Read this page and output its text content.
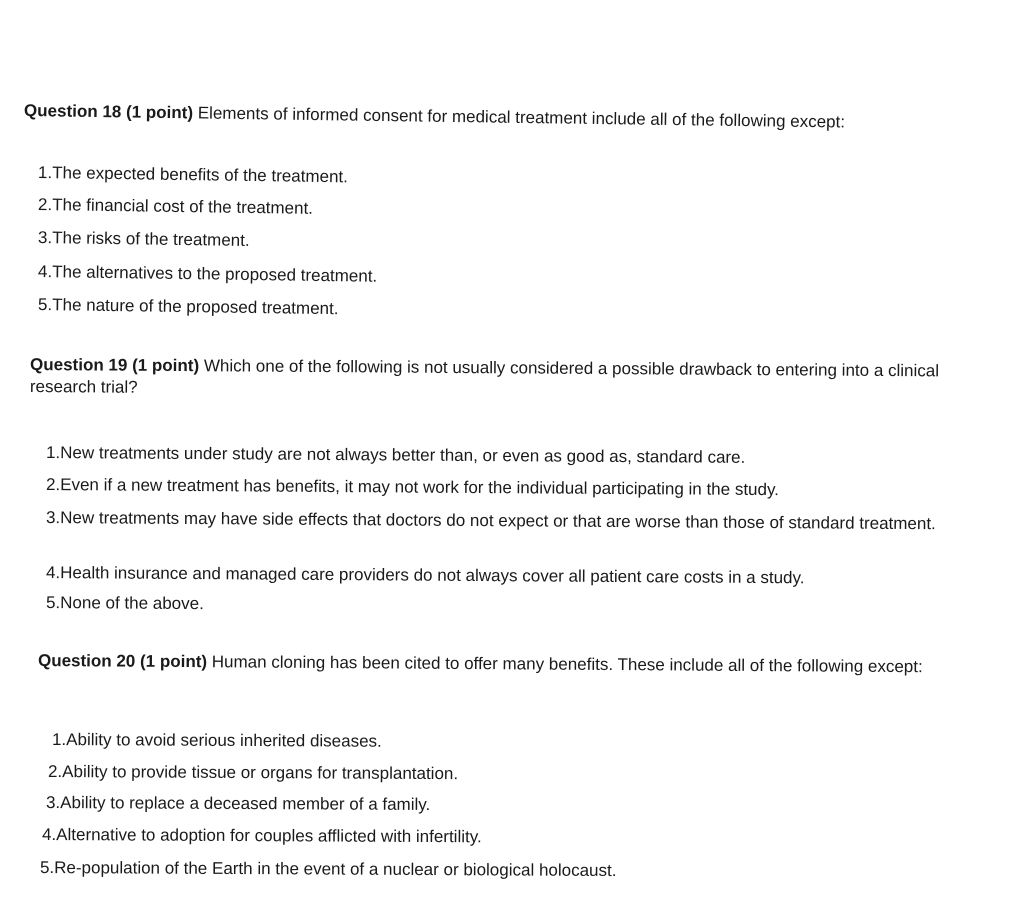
Question 18 (1 point) Elements of informed consent for medical treatment include all of the following except:
1.The expected benefits of the treatment.
2.The financial cost of the treatment.
3.The risks of the treatment.
4.The alternatives to the proposed treatment.
5.The nature of the proposed treatment.
Question 19 (1 point) Which one of the following is not usually considered a possible drawback to entering into a clinical research trial?
1.New treatments under study are not always better than, or even as good as, standard care.
2.Even if a new treatment has benefits, it may not work for the individual participating in the study.
3.New treatments may have side effects that doctors do not expect or that are worse than those of standard treatment.
4.Health insurance and managed care providers do not always cover all patient care costs in a study.
5.None of the above.
Question 20 (1 point) Human cloning has been cited to offer many benefits. These include all of the following except:
1.Ability to avoid serious inherited diseases.
2.Ability to provide tissue or organs for transplantation.
3.Ability to replace a deceased member of a family.
4.Alternative to adoption for couples afflicted with infertility.
5.Re-population of the Earth in the event of a nuclear or biological holocaust.
